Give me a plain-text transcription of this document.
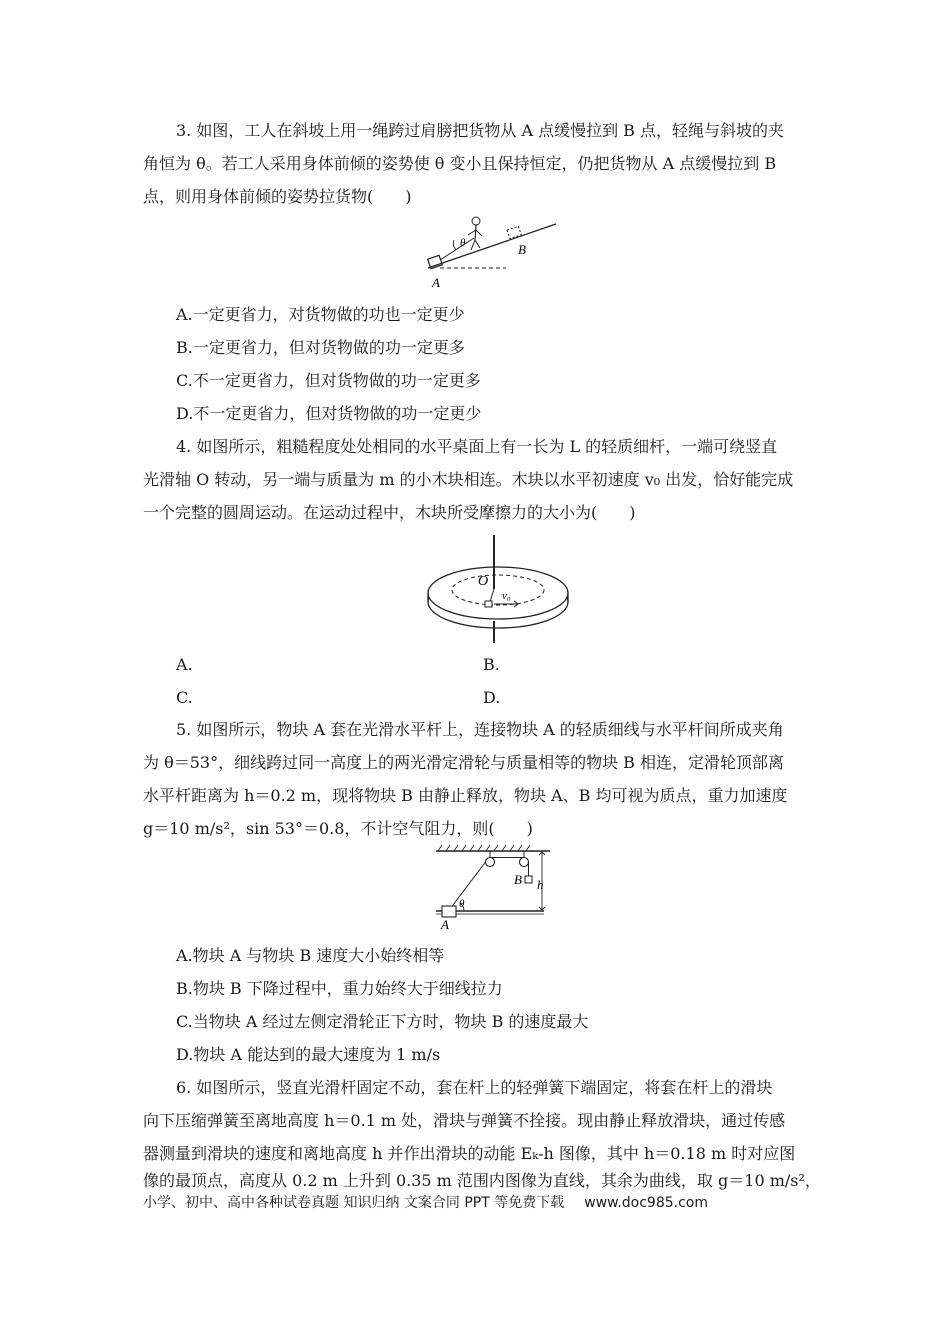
3. 如图，工人在斜坡上用一绳跨过肩膀把货物从 A 点缓慢拉到 B 点，轻绳与斜坡的夹
角恒为 θ。若工人采用身体前倾的姿势使 θ 变小且保持恒定，仍把货物从 A 点缓慢拉到 B
点，则用身体前倾的姿势拉货物(　　)
θ	B
A
A.一定更省力，对货物做的功也一定更少
B.一定更省力，但对货物做的功一定更多
C.不一定更省力，但对货物做的功一定更多
D.不一定更省力，但对货物做的功一定更少
4. 如图所示，粗糙程度处处相同的水平桌面上有一长为 L 的轻质细杆，一端可绕竖直
光滑轴 O 转动，另一端与质量为 m 的小木块相连。木块以水平初速度 v₀ 出发，恰好能完成
一个完整的圆周运动。在运动过程中，木块所受摩擦力的大小为(　　)
O
v₀
A.	B.
C.	D.
5. 如图所示，物块 A 套在光滑水平杆上，连接物块 A 的轻质细线与水平杆间所成夹角
为 θ＝53°，细线跨过同一高度上的两光滑定滑轮与质量相等的物块 B 相连，定滑轮顶部离
水平杆距离为 h＝0.2 m，现将物块 B 由静止释放，物块 A、B 均可视为质点，重力加速度
g＝10 m/s²，sin 53°＝0.8，不计空气阻力，则(　　)
B h
θ
A
A.物块 A 与物块 B 速度大小始终相等
B.物块 B 下降过程中，重力始终大于细线拉力
C.当物块 A 经过左侧定滑轮正下方时，物块 B 的速度最大
D.物块 A 能达到的最大速度为 1 m/s
6. 如图所示，竖直光滑杆固定不动，套在杆上的轻弹簧下端固定，将套在杆上的滑块
向下压缩弹簧至离地高度 h＝0.1 m 处，滑块与弹簧不拴接。现由静止释放滑块，通过传感
器测量到滑块的速度和离地高度 h 并作出滑块的动能 Eₖ-h 图像，其中 h＝0.18 m 时对应图
像的最顶点，高度从 0.2 m 上升到 0.35 m 范围内图像为直线，其余为曲线，取 g＝10 m/s²，
小学、初中、高中各种试卷真题 知识归纳 文案合同 PPT 等免费下载 www.doc985.com
